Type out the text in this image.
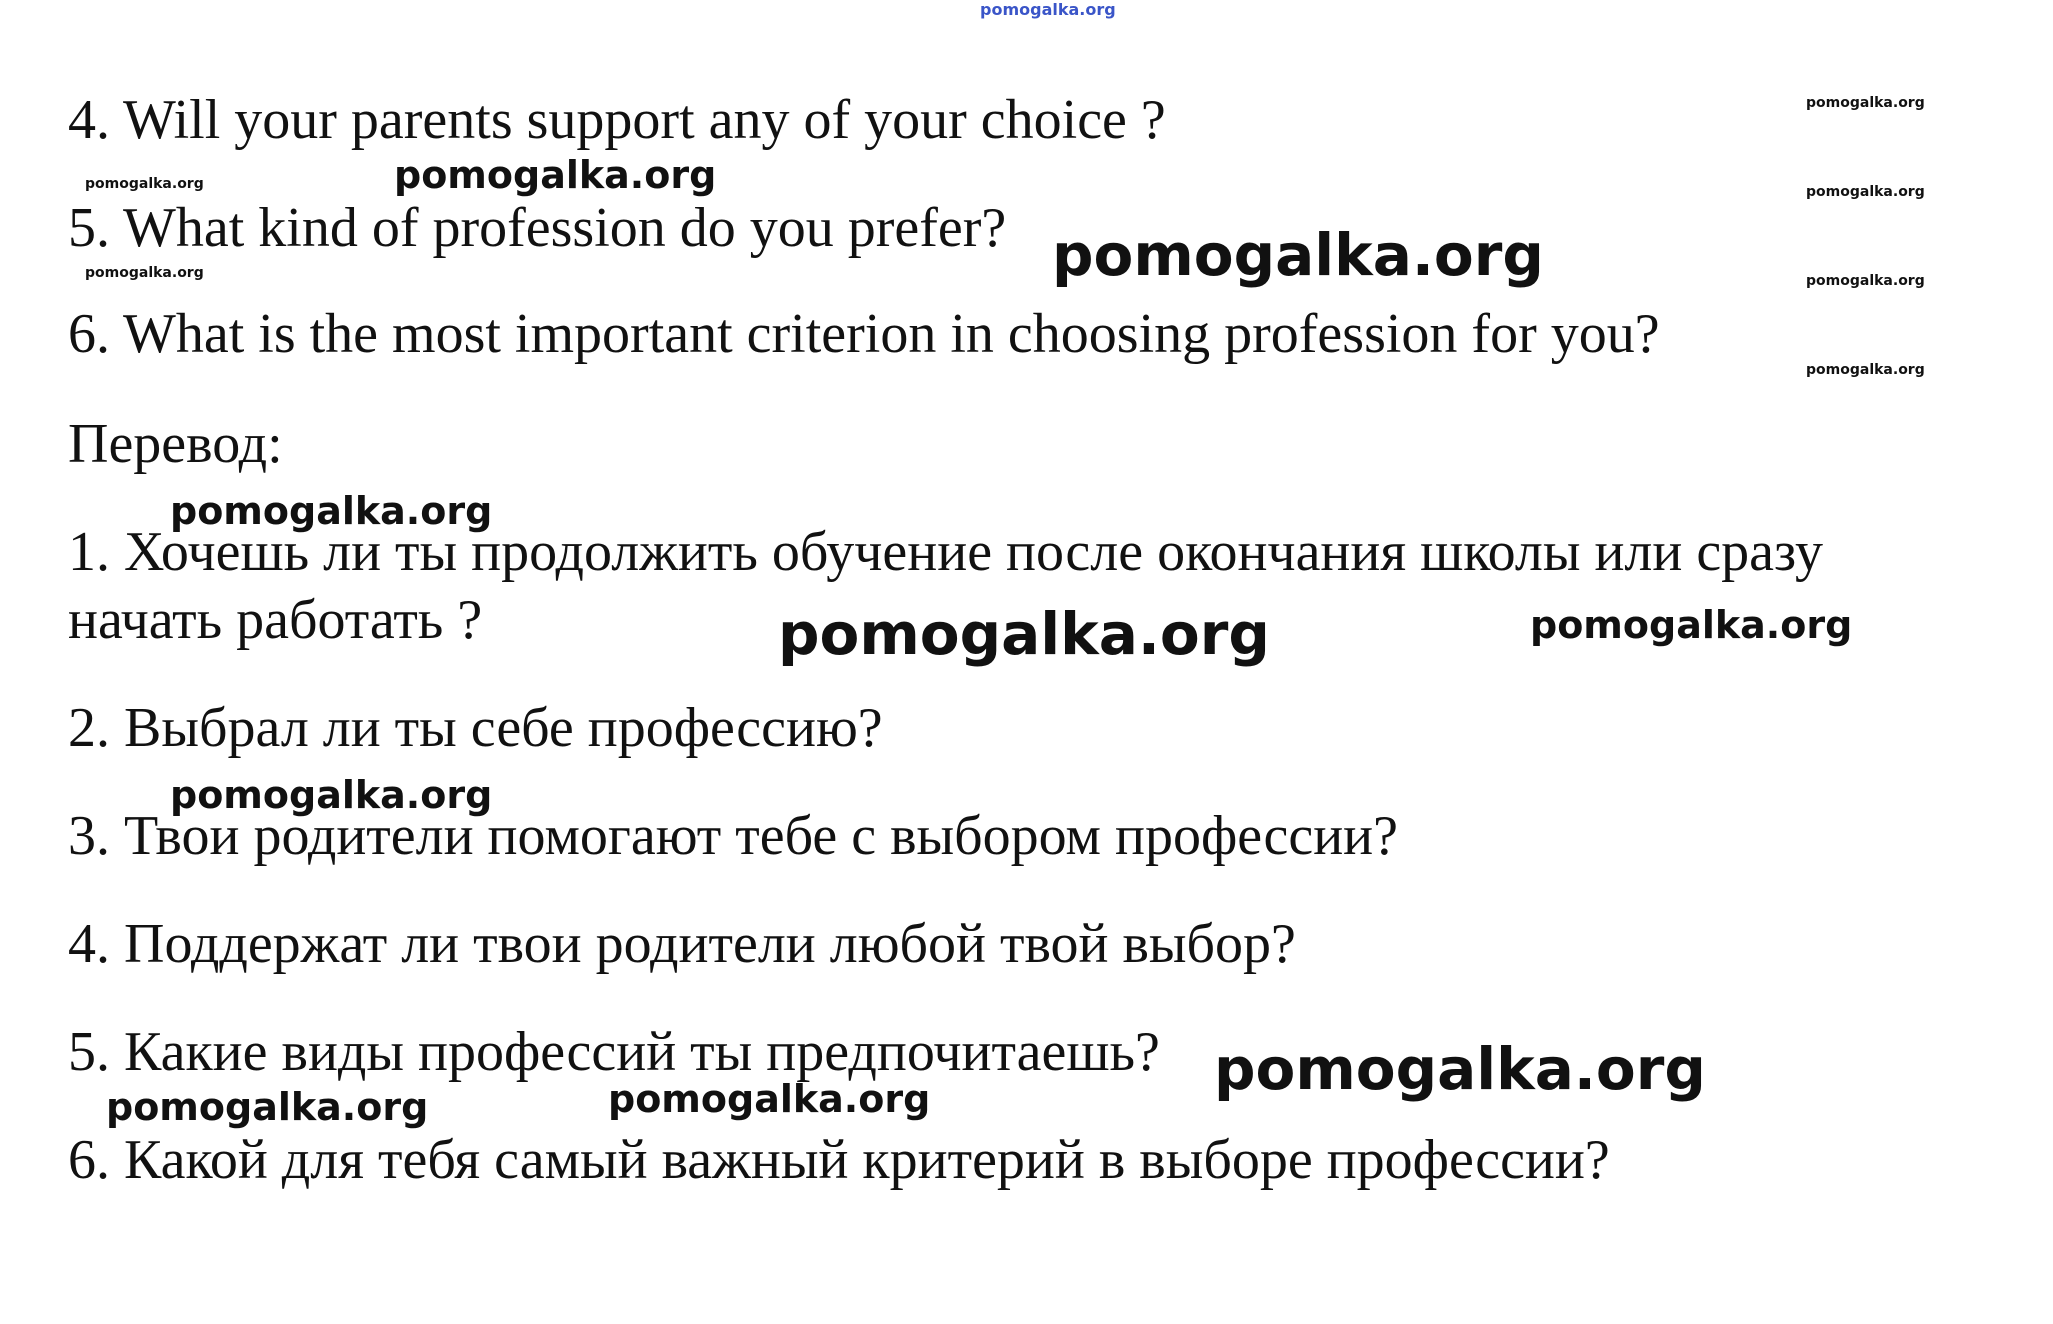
pomogalka.org
4. Will your parents support any of your choice ?
5. What kind of profession do you prefer?
6. What is the most important criterion in choosing profession for you?
Перевод:
1. Хочешь ли ты продолжить обучение после окончания школы или сразу
начать работать ?
2. Выбрал ли ты себе профессию?
3. Твои родители помогают тебе с выбором профессии?
4. Поддержат ли твои родители любой твой выбор?
5. Какие виды профессий ты предпочитаешь?
6. Какой для тебя самый важный критерий в выборе профессии?
pomogalka.org
pomogalka.org
pomogalka.org
pomogalka.org
pomogalka.org
pomogalka.org
pomogalka.org
pomogalka.org
pomogalka.org
pomogalka.org
pomogalka.org	pomogalka.org
pomogalka.org
pomogalka.org
pomogalka.org
